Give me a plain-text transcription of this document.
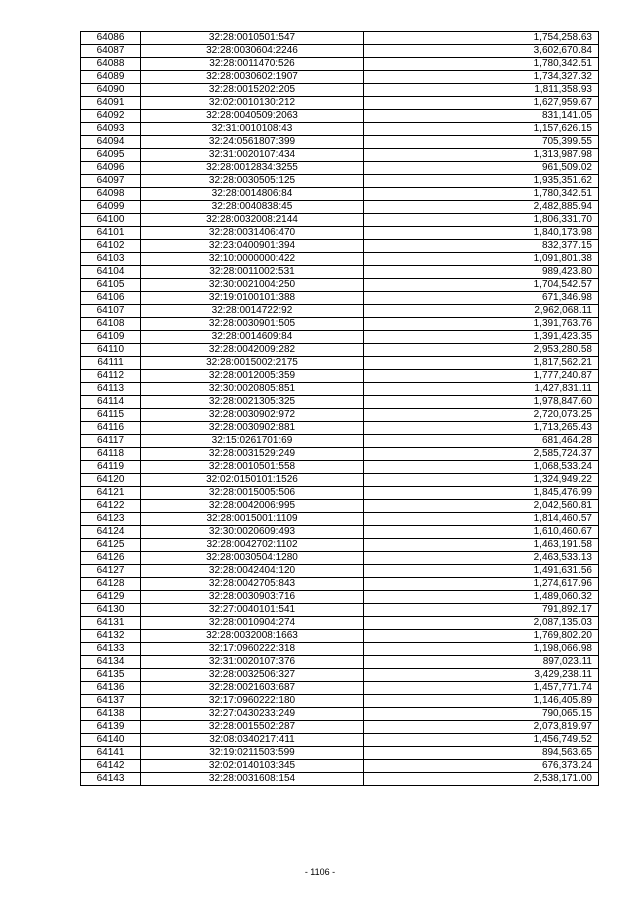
64086	32:28:0010501:547	1,754,258.63
64087	32:28:0030604:2246	3,602,670.84
64088	32:28:0011470:526	1,780,342.51
64089	32:28:0030602:1907	1,734,327.32
64090	32:28:0015202:205	1,811,358.93
64091	32:02:0010130:212	1,627,959.67
64092	32:28:0040509:2063	831,141.05
64093	32:31:0010108:43	1,157,626.15
64094	32:24:0561807:399	705,399.55
64095	32:31:0020107:434	1,313,987.98
64096	32:28:0012834:3255	961,509.02
64097	32:28:0030505:125	1,935,351.62
64098	32:28:0014806:84	1,780,342.51
64099	32:28:0040838:45	2,482,885.94
64100	32:28:0032008:2144	1,806,331.70
64101	32:28:0031406:470	1,840,173.98
64102	32:23:0400901:394	832,377.15
64103	32:10:0000000:422	1,091,801.38
64104	32:28:0011002:531	989,423.80
64105	32:30:0021004:250	1,704,542.57
64106	32:19:0100101:388	671,346.98
64107	32:28:0014722:92	2,962,068.11
64108	32:28:0030901:505	1,391,763.76
64109	32:28:0014609:84	1,391,423.35
64110	32:28:0042009:282	2,953,280.58
64111	32:28:0015002:2175	1,817,562.21
64112	32:28:0012005:359	1,777,240.87
64113	32:30:0020805:851	1,427,831.11
64114	32:28:0021305:325	1,978,847.60
64115	32:28:0030902:972	2,720,073.25
64116	32:28:0030902:881	1,713,265.43
64117	32:15:0261701:69	681,464.28
64118	32:28:0031529:249	2,585,724.37
64119	32:28:0010501:558	1,068,533.24
64120	32:02:0150101:1526	1,324,949.22
64121	32:28:0015005:506	1,845,476.99
64122	32:28:0042006:995	2,042,560.81
64123	32:28:0015001:1109	1,814,460.57
64124	32:30:0020609:493	1,610,460.67
64125	32:28:0042702:1102	1,463,191.58
64126	32:28:0030504:1280	2,463,533.13
64127	32:28:0042404:120	1,491,631.56
64128	32:28:0042705:843	1,274,617.96
64129	32:28:0030903:716	1,489,060.32
64130	32:27:0040101:541	791,892.17
64131	32:28:0010904:274	2,087,135.03
64132	32:28:0032008:1663	1,769,802.20
64133	32:17:0960222:318	1,198,066.98
64134	32:31:0020107:376	897,023.11
64135	32:28:0032506:327	3,429,238.11
64136	32:28:0021603:687	1,457,771.74
64137	32:17:0960222:180	1,146,405.89
64138	32:27:0430233:249	790,065.15
64139	32:28:0015502:287	2,073,819.97
64140	32:08:0340217:411	1,456,749.52
64141	32:19:0211503:599	894,563.65
64142	32:02:0140103:345	676,373.24
64143	32:28:0031608:154	2,538,171.00
- 1106 -
